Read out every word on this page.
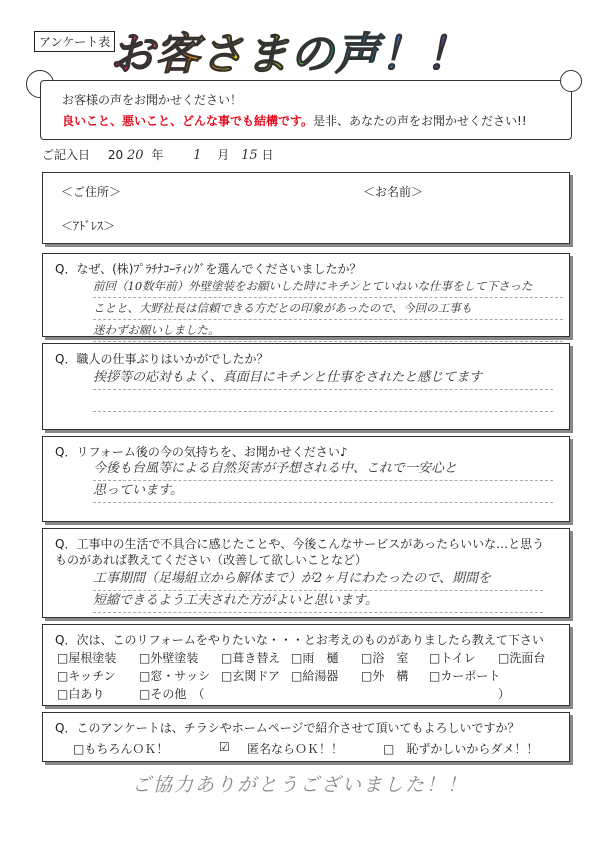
アンケート表 お客さまの声！！
お客様の声をお聞かせください！
良いこと、悪いこと、どんな事でも結構です。是非、あなたの声をお聞かせください!!
ご記入日 20 20 年 1 月 15 日
＜ご住所＞	＜お名前＞
＜ｱﾄﾞﾚｽ＞
Q．なぜ、(株)ﾌﾟﾗﾁﾅｺｰﾃｨﾝｸﾞを選んでくださいましたか？
前回（10数年前）外壁塗装をお願いした時にキチンとていねいな仕事をして下さった
ことと、大野社長は信頼できる方だとの印象があったので、今回の工事も
迷わずお願いしました。
Q．職人の仕事ぶりはいかがでしたか？
挨拶等の応対もよく、真面目にキチンと仕事をされたと感じてます
Q．リフォーム後の今の気持ちを、お聞かせください♪
今後も台風等による自然災害が予想される中、これで一安心と
思っています。
Q．工事中の生活で不具合に感じたことや、今後こんなサービスがあったらいいな…と思う
ものがあれば教えてください（改善して欲しいことなど）
工事期間（足場組立から解体まで）が2ヶ月にわたったので、期間を
短縮できるよう工夫された方がよいと思います。
Q．次は、このリフォームをやりたいな・・・とお考えのものがありましたら教えて下さい
□屋根塗装 □外壁塗装 □葺き替え □雨　樋 □浴　室 □トイレ □洗面台
□キッチン □窓・サッシ □玄関ドア □給湯器 □外　構 □カーポート
□白あり	□その他　（	）
Q．このアンケートは、チラシやホームページで紹介させて頂いてもよろしいですか？
□もちろんＯＫ！	☑ 匿名ならＯＫ！！	□　恥ずかしいからダメ！！
ご協力ありがとうございました！！
